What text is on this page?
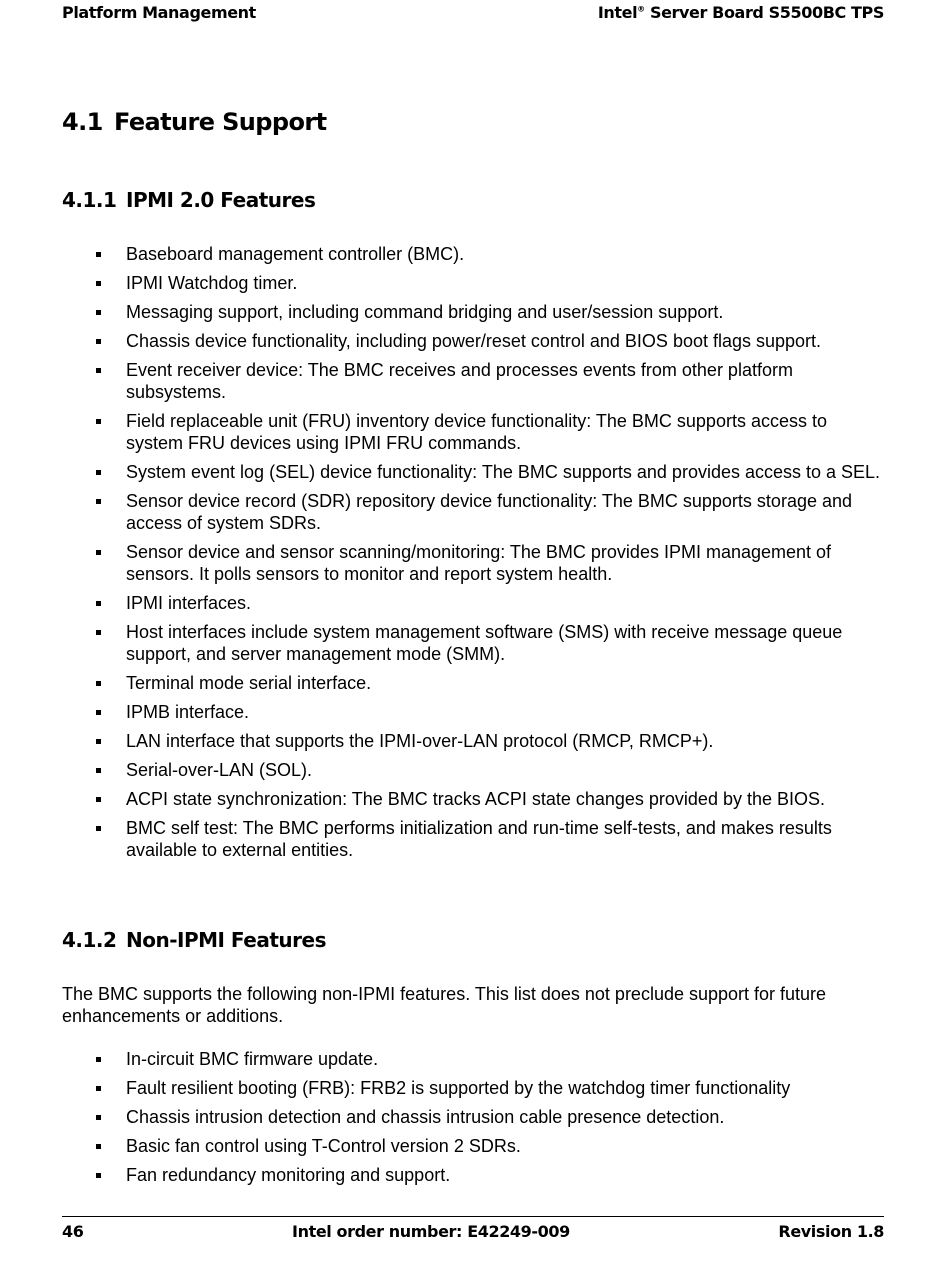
Platform Management	Intel® Server Board S5500BC TPS
4.1 Feature Support
4.1.1 IPMI 2.0 Features
Baseboard management controller (BMC).
IPMI Watchdog timer.
Messaging support, including command bridging and user/session support.
Chassis device functionality, including power/reset control and BIOS boot flags support.
Event receiver device: The BMC receives and processes events from other platform subsystems.
Field replaceable unit (FRU) inventory device functionality: The BMC supports access to system FRU devices using IPMI FRU commands.
System event log (SEL) device functionality: The BMC supports and provides access to a SEL.
Sensor device record (SDR) repository device functionality: The BMC supports storage and access of system SDRs.
Sensor device and sensor scanning/monitoring: The BMC provides IPMI management of sensors. It polls sensors to monitor and report system health.
IPMI interfaces.
Host interfaces include system management software (SMS) with receive message queue support, and server management mode (SMM).
Terminal mode serial interface.
IPMB interface.
LAN interface that supports the IPMI-over-LAN protocol (RMCP, RMCP+).
Serial-over-LAN (SOL).
ACPI state synchronization: The BMC tracks ACPI state changes provided by the BIOS.
BMC self test: The BMC performs initialization and run-time self-tests, and makes results available to external entities.
4.1.2 Non-IPMI Features

The BMC supports the following non-IPMI features. This list does not preclude support for future enhancements or additions.

In-circuit BMC firmware update.
Fault resilient booting (FRB): FRB2 is supported by the watchdog timer functionality
Chassis intrusion detection and chassis intrusion cable presence detection.
Basic fan control using T-Control version 2 SDRs.
Fan redundancy monitoring and support.
46	Intel order number: E42249-009	Revision 1.8
